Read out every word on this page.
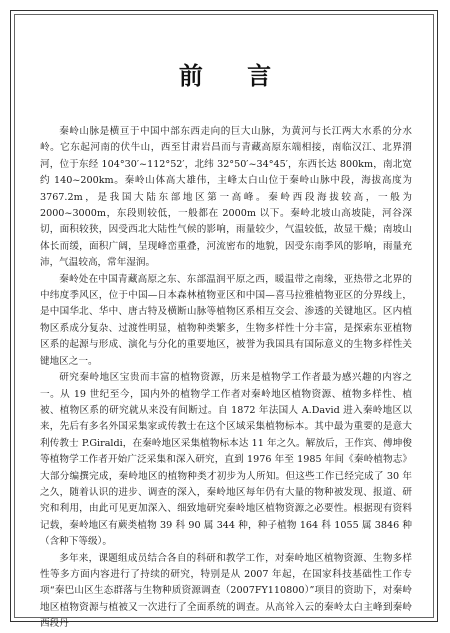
前 言

秦岭山脉是横亘于中国中部东西走向的巨大山脉，为黄河与长江两大水系的分水岭。它东起河南的伏牛山，西至甘肃岩昌而与青藏高原东端相接，南临汉江、北界渭河，位于东经 104°30′~112°52′，北纬 32°50′~34°45′，东西长达 800km，南北宽约 140~200km。秦岭山体高大雄伟，主峰太白山位于秦岭山脉中段，海拔高度为 3767.2m，是我国大陆东部地区第一高峰。秦岭西段海拔较高，一般为 2000~3000m，东段则较低，一般都在 2000m 以下。秦岭北坡山高坡陡，河谷深切，面积较狭，因受西北大陆性气候的影响，雨量较少，气温较低，故显干燥；南坡山体长而缓，面积广阔，呈现峰峦重叠，河流密布的地貌，因受东南季风的影响，雨量充沛，气温较高，常年湿润。

秦岭处在中国青藏高原之东、东部温润平原之西，暖温带之南缘，亚热带之北界的中纬度季风区，位于中国—日本森林植物亚区和中国—喜马拉雅植物亚区的分界线上，是中国华北、华中、唐古特及横断山脉等植物区系相互交会、渗透的关键地区。区内植物区系成分复杂、过渡性明显，植物种类繁多，生物多样性十分丰富，是探索东亚植物区系的起源与形成、演化与分化的重要地区，被誉为我国具有国际意义的生物多样性关键地区之一。

研究秦岭地区宝贵而丰富的植物资源，历来是植物学工作者最为感兴趣的内容之一。从 19 世纪至今，国内外的植物学工作者对秦岭地区植物资源、植物多样性、植被、植物区系的研究就从来没有间断过。自 1872 年法国人 A.David 进入秦岭地区以来，先后有多名外国采集家或传教士在这个区域采集植物标本。其中最为重要的是意大利传教士 P.Giraldi，在秦岭地区采集植物标本达 11 年之久。解放后，王作宾、傅坤俊等植物学工作者开始广泛采集和深入研究，直到 1976 年至 1985 年间《秦岭植物志》大部分编撰完成，秦岭地区的植物种类才初步为人所知。但这些工作已经完成了 30 年之久，随着认识的进步、调查的深入，秦岭地区每年仍有大量的物种被发现、报道、研究和利用，由此可见更加深入、细致地研究秦岭地区植物资源之必要性。根据现有资料记载，秦岭地区有蕨类植物 39 科 90 属 344 种，种子植物 164 科 1055 属 3846 种（含种下等级）。

多年来，课题组成员结合各自的科研和教学工作，对秦岭地区植物资源、生物多样性等多方面内容进行了持续的研究，特别是从 2007 年起，在国家科技基础性工作专项“秦巴山区生态群落与生物种质资源调查（2007FY110800）”项目的资助下，对秦岭地区植物资源与植被又一次进行了全面系统的调查。从高耸入云的秦岭太白主峰到秦岭西段丹
